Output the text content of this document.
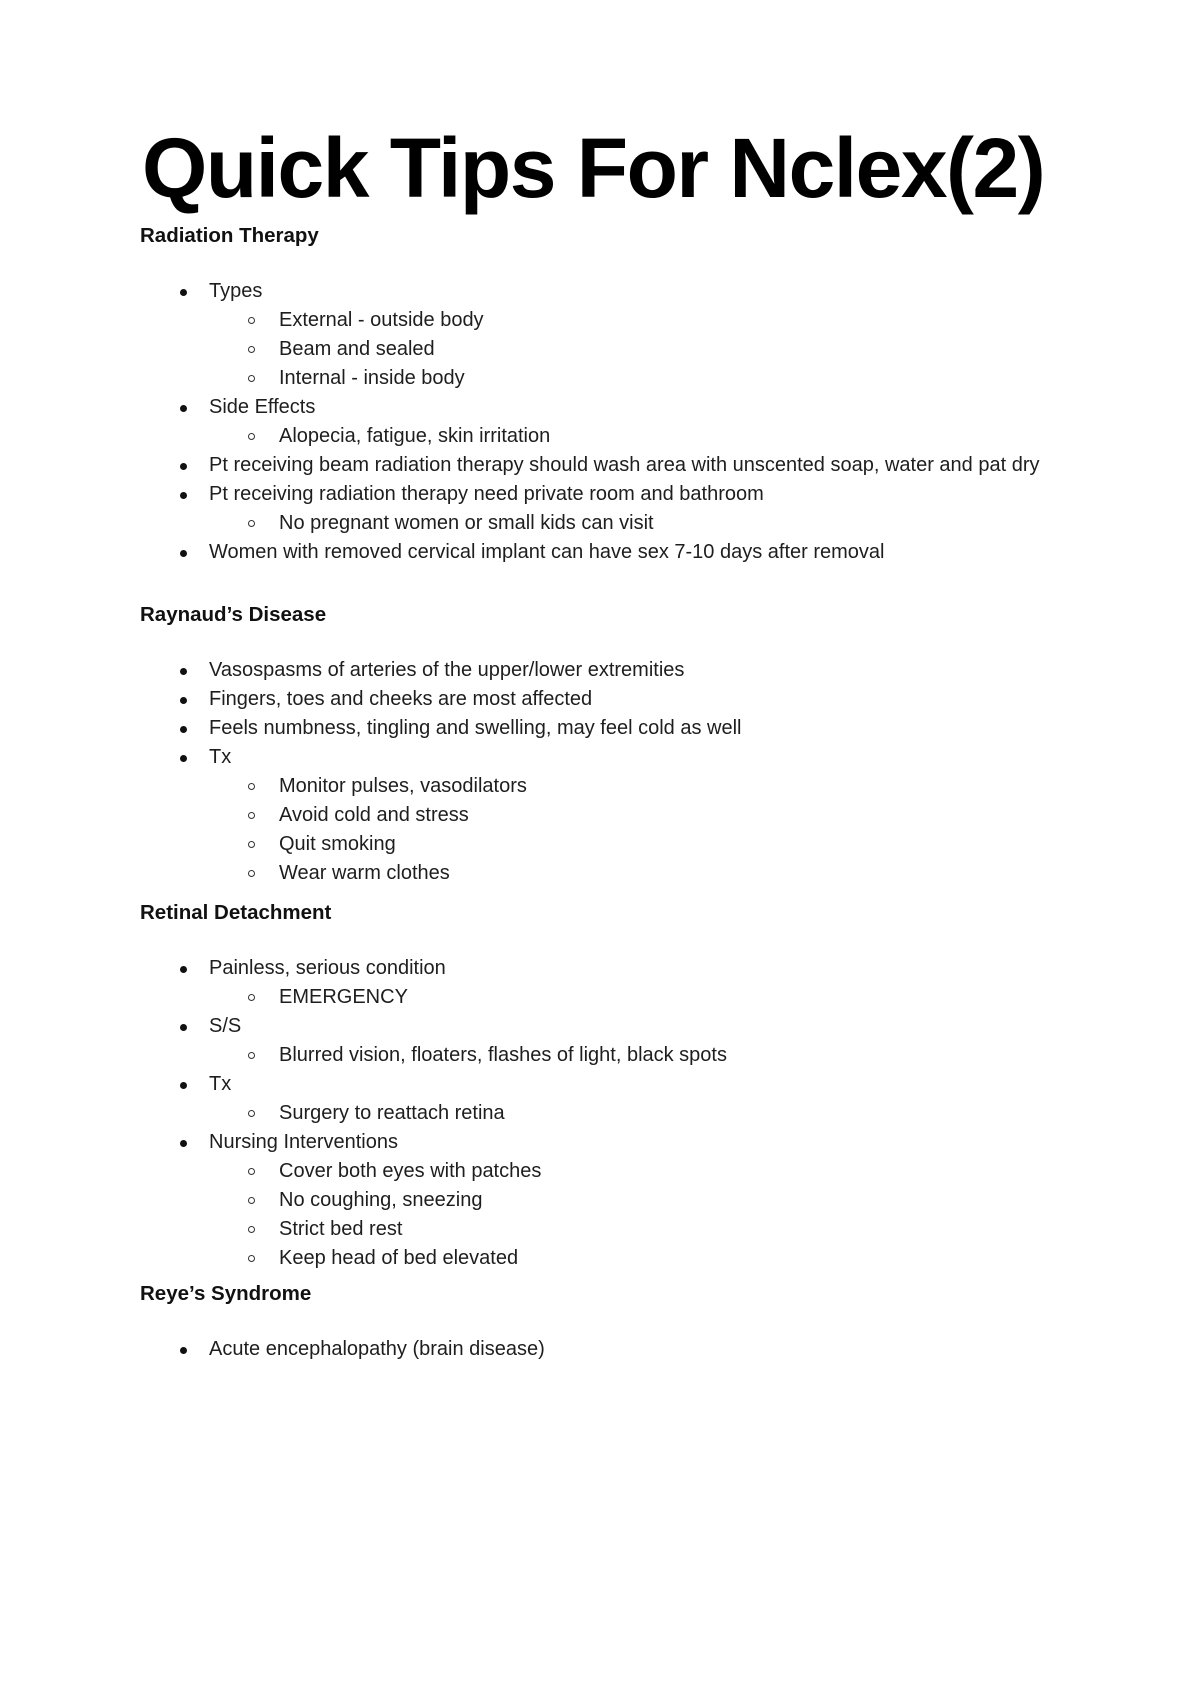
Quick Tips For Nclex(2)
Radiation Therapy
Types
External - outside body
Beam and sealed
Internal - inside body
Side Effects
Alopecia, fatigue, skin irritation
Pt receiving beam radiation therapy should wash area with unscented soap, water and pat dry
Pt receiving radiation therapy need private room and bathroom
No pregnant women or small kids can visit
Women with removed cervical implant can have sex 7-10 days after removal
Raynaud’s Disease
Vasospasms of arteries of the upper/lower extremities
Fingers, toes and cheeks are most affected
Feels numbness, tingling and swelling, may feel cold as well
Tx
Monitor pulses, vasodilators
Avoid cold and stress
Quit smoking
Wear warm clothes
Retinal Detachment
Painless, serious condition
EMERGENCY
S/S
Blurred vision, floaters, flashes of light, black spots
Tx
Surgery to reattach retina
Nursing Interventions
Cover both eyes with patches
No coughing, sneezing
Strict bed rest
Keep head of bed elevated
Reye’s Syndrome
Acute encephalopathy (brain disease)
